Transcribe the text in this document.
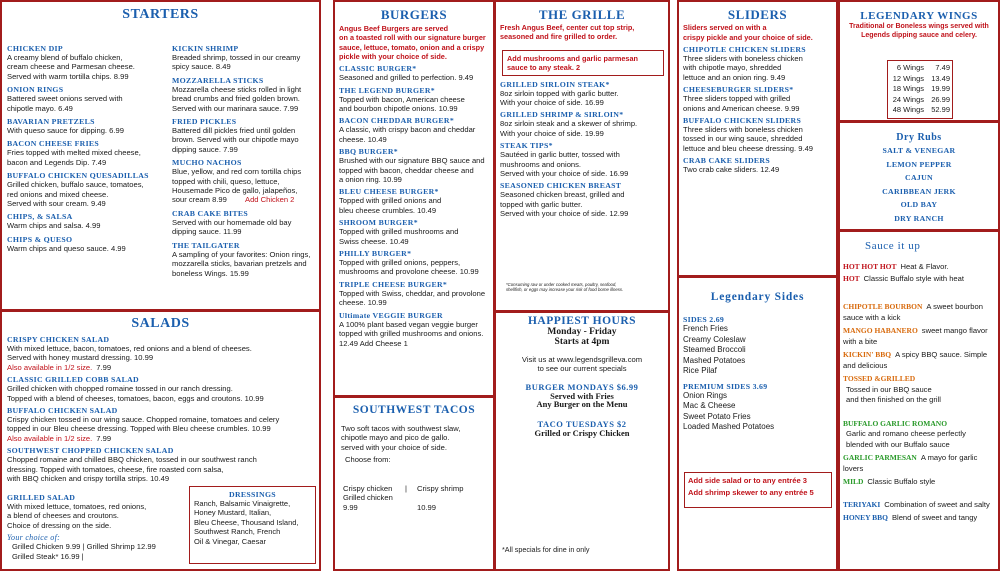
STARTERS
CHICKEN DIP
A creamy blend of buffalo chicken,
cream cheese and Parmesan cheese.
Served with warm tortilla chips. 8.99
ONION RINGS
Battered sweet onions served with
chipotle mayo. 6.49
BAVARIAN PRETZELS
With queso sauce for dipping. 6.99
BACON CHEESE FRIES
Fries topped with melted mixed cheese,
bacon and Legends Dip. 7.49
BUFFALO CHICKEN QUESADILLAS
Grilled chicken, buffalo sauce, tomatoes,
red onions and mixed cheese.
Served with sour cream. 9.49
CHIPS, & SALSA
Warm chips and salsa. 4.99
CHIPS & QUESO
Warm chips and queso sauce. 4.99
KICKIN SHRIMP
Breaded shrimp, tossed in our creamy
spicy sauce. 8.49
MOZZARELLA STICKS
Mozzarella cheese sticks rolled in light
bread crumbs and fried golden brown.
Served with our marinara sauce. 7.99
FRIED PICKLES
Battered dill pickles fried until golden
brown. Served with our chipotle mayo
dipping sauce. 7.99
MUCHO NACHOS
Blue, yellow, and red corn tortilla chips
topped with chili, queso, lettuce,
Housemade Pico de gallo, jalapeños,
sour cream 8.99	Add Chicken 2
CRAB CAKE BITES
Served with our homemade old bay
dipping sauce. 11.99
THE TAILGATER
A sampling of your favorites: Onion rings,
mozzarella sticks, bavarian pretzels and
boneless Wings. 15.99
SALADS
CRISPY CHICKEN SALAD
With mixed lettuce, bacon, tomatoes, red onions and a blend of cheeses.
Served with honey mustard dressing. 10.99
Also available in 1/2 size. 7.99
CLASSIC GRILLED COBB SALAD
Grilled chicken with chopped romaine tossed in our ranch dressing.
Topped with a blend of cheeses, tomatoes, bacon, eggs and croutons. 10.99
BUFFALO CHICKEN SALAD
Crispy chicken tossed in our wing sauce. Chopped romaine, tomatoes and celery
topped in our Bleu cheese dressing. Topped with Bleu cheese crumbles. 10.99
Also available in 1/2 size. 7.99
SOUTHWEST CHOPPED CHICKEN SALAD
Chopped romaine and chilled BBQ chicken, tossed in our southwest ranch
dressing. Topped with tomatoes, cheese, fire roasted corn salsa,
with BBQ chicken and crispy tortilla strips. 10.49
GRILLED SALAD
With mixed lettuce, tomatoes, red onions,
a blend of cheeses and croutons.
Choice of dressing on the side.
Your choice of:
Grilled Chicken 9.99 | Grilled Shrimp 12.99
Grilled Steak* 16.99 |
DRESSINGS
Ranch, Balsamic Vinaigrette,
Honey Mustard, Italian,
Bleu Cheese, Thousand Island,
Southwest Ranch, French
Oil & Vinegar, Caesar
BURGERS
Angus Beef Burgers are served
on a toasted roll with our signature burger
sauce, lettuce, tomato, onion and a crispy
pickle with your choice of side.
CLASSIC BURGER*
Seasoned and grilled to perfection. 9.49
THE LEGEND BURGER*
Topped with bacon, American cheese
and bourbon chipotle onions. 10.99
BACON CHEDDAR BURGER*
A classic, with crispy bacon and cheddar
cheese. 10.49
BBQ BURGER*
Brushed with our signature BBQ sauce and
topped with bacon, cheddar cheese and
a onion ring. 10.99
BLEU CHEESE BURGER*
Topped with grilled onions and
bleu cheese crumbles. 10.49
SHROOM BURGER*
Topped with grilled mushrooms and
Swiss cheese. 10.49
PHILLY BURGER*
Topped with grilled onions, peppers,
mushrooms and provolone cheese. 10.99
TRIPLE CHEESE BURGER*
Topped with Swiss, cheddar, and provolone
cheese. 10.99
Ultimate VEGGIE BURGER
A 100% plant based vegan veggie burger
topped with grilled mushrooms and onions.
12.49 Add Cheese 1
SOUTHWEST TACOS
Two soft tacos with southwest slaw,
chipotle mayo and pico de gallo.
served with your choice of side.
Choose from:
Crispy chicken
Grilled chicken
9.99
| Crispy shrimp

10.99
THE GRILLE
Fresh Angus Beef, center cut top strip,
seasoned and fire grilled to order.
Add mushrooms and garlic parmesan
sauce to any steak. 2
GRILLED SIRLOIN STEAK*
8oz sirloin topped with garlic butter.
With your choice of side. 16.99
GRILLED SHRIMP & SIRLOIN*
8oz sirloin steak and a skewer of shrimp.
With your choice of side. 19.99
STEAK TIPS*
Sautéed in garlic butter, tossed with
mushrooms and onions.
Served with your choice of side. 16.99
SEASONED CHICKEN BREAST
Seasoned chicken breast, grilled and
topped with garlic butter.
Served with your choice of side. 12.99
*Consuming raw or under cooked meats, poultry, seafood,
shellfish, or eggs may increase your risk of food borne illness.
HAPPIEST HOURS
Monday - Friday
Starts at 4pm
Visit us at www.legendsgrilleva.com
to see our current specials
BURGER MONDAYS $6.99
Served with Fries
Any Burger on the Menu
TACO TUESDAYS $2
Grilled or Crispy Chicken
*All specials for dine in only
SLIDERS
Sliders served on with a
crispy pickle and your choice of side.
CHIPOTLE CHICKEN SLIDERS
Three sliders with boneless chicken
with chipotle mayo, shredded
lettuce and an onion ring. 9.49
CHEESEBURGER SLIDERS*
Three sliders topped with grilled
onions and American cheese. 9.99
BUFFALO CHICKEN SLIDERS
Three sliders with boneless chicken
tossed in our wing sauce, shredded
lettuce and bleu cheese dressing. 9.49
CRAB CAKE SLIDERS
Two crab cake sliders. 12.49
Legendary Sides
SIDES 2.69
French Fries
Creamy Coleslaw
Steamed Broccoli
Mashed Potatoes
Rice Pilaf
PREMIUM SIDES 3.69
Onion Rings
Mac & Cheese
Sweet Potato Fries
Loaded Mashed Potatoes
Add side salad or to any entrée 3
Add shrimp skewer to any entrée 5
LEGENDARY WINGS
Traditional or Boneless wings served with
Legends dipping sauce and celery.
6 Wings	7.49
12 Wings 13.49
18 Wings 19.99
24 Wings 26.99
48 Wings 52.99
Dry Rubs
SALT & VENEGAR
LEMON PEPPER
CAJUN
CARIBBEAN JERK
OLD BAY
DRY RANCH
Sauce it up
HOT HOT HOT Heat & Flavor.
HOT Classic Buffalo style with heat
CHIPOTLE BOURBON A sweet bourbon sauce with a kick
MANGO HABANERO sweet mango flavor with a bite
KICKIN' BBQ A spicy BBQ sauce. Simple and delicious
TOSSED &GRILLED
Tossed in our BBQ sauce
and then finished on the grill
BUFFALO GARLIC ROMANO
Garlic and romano cheese perfectly
blended with our Buffalo sauce
GARLIC PARMESAN A mayo for garlic lovers
MILD Classic Buffalo style
TERIYAKI Combination of sweet and salty
HONEY BBQ Blend of sweet and tangy
